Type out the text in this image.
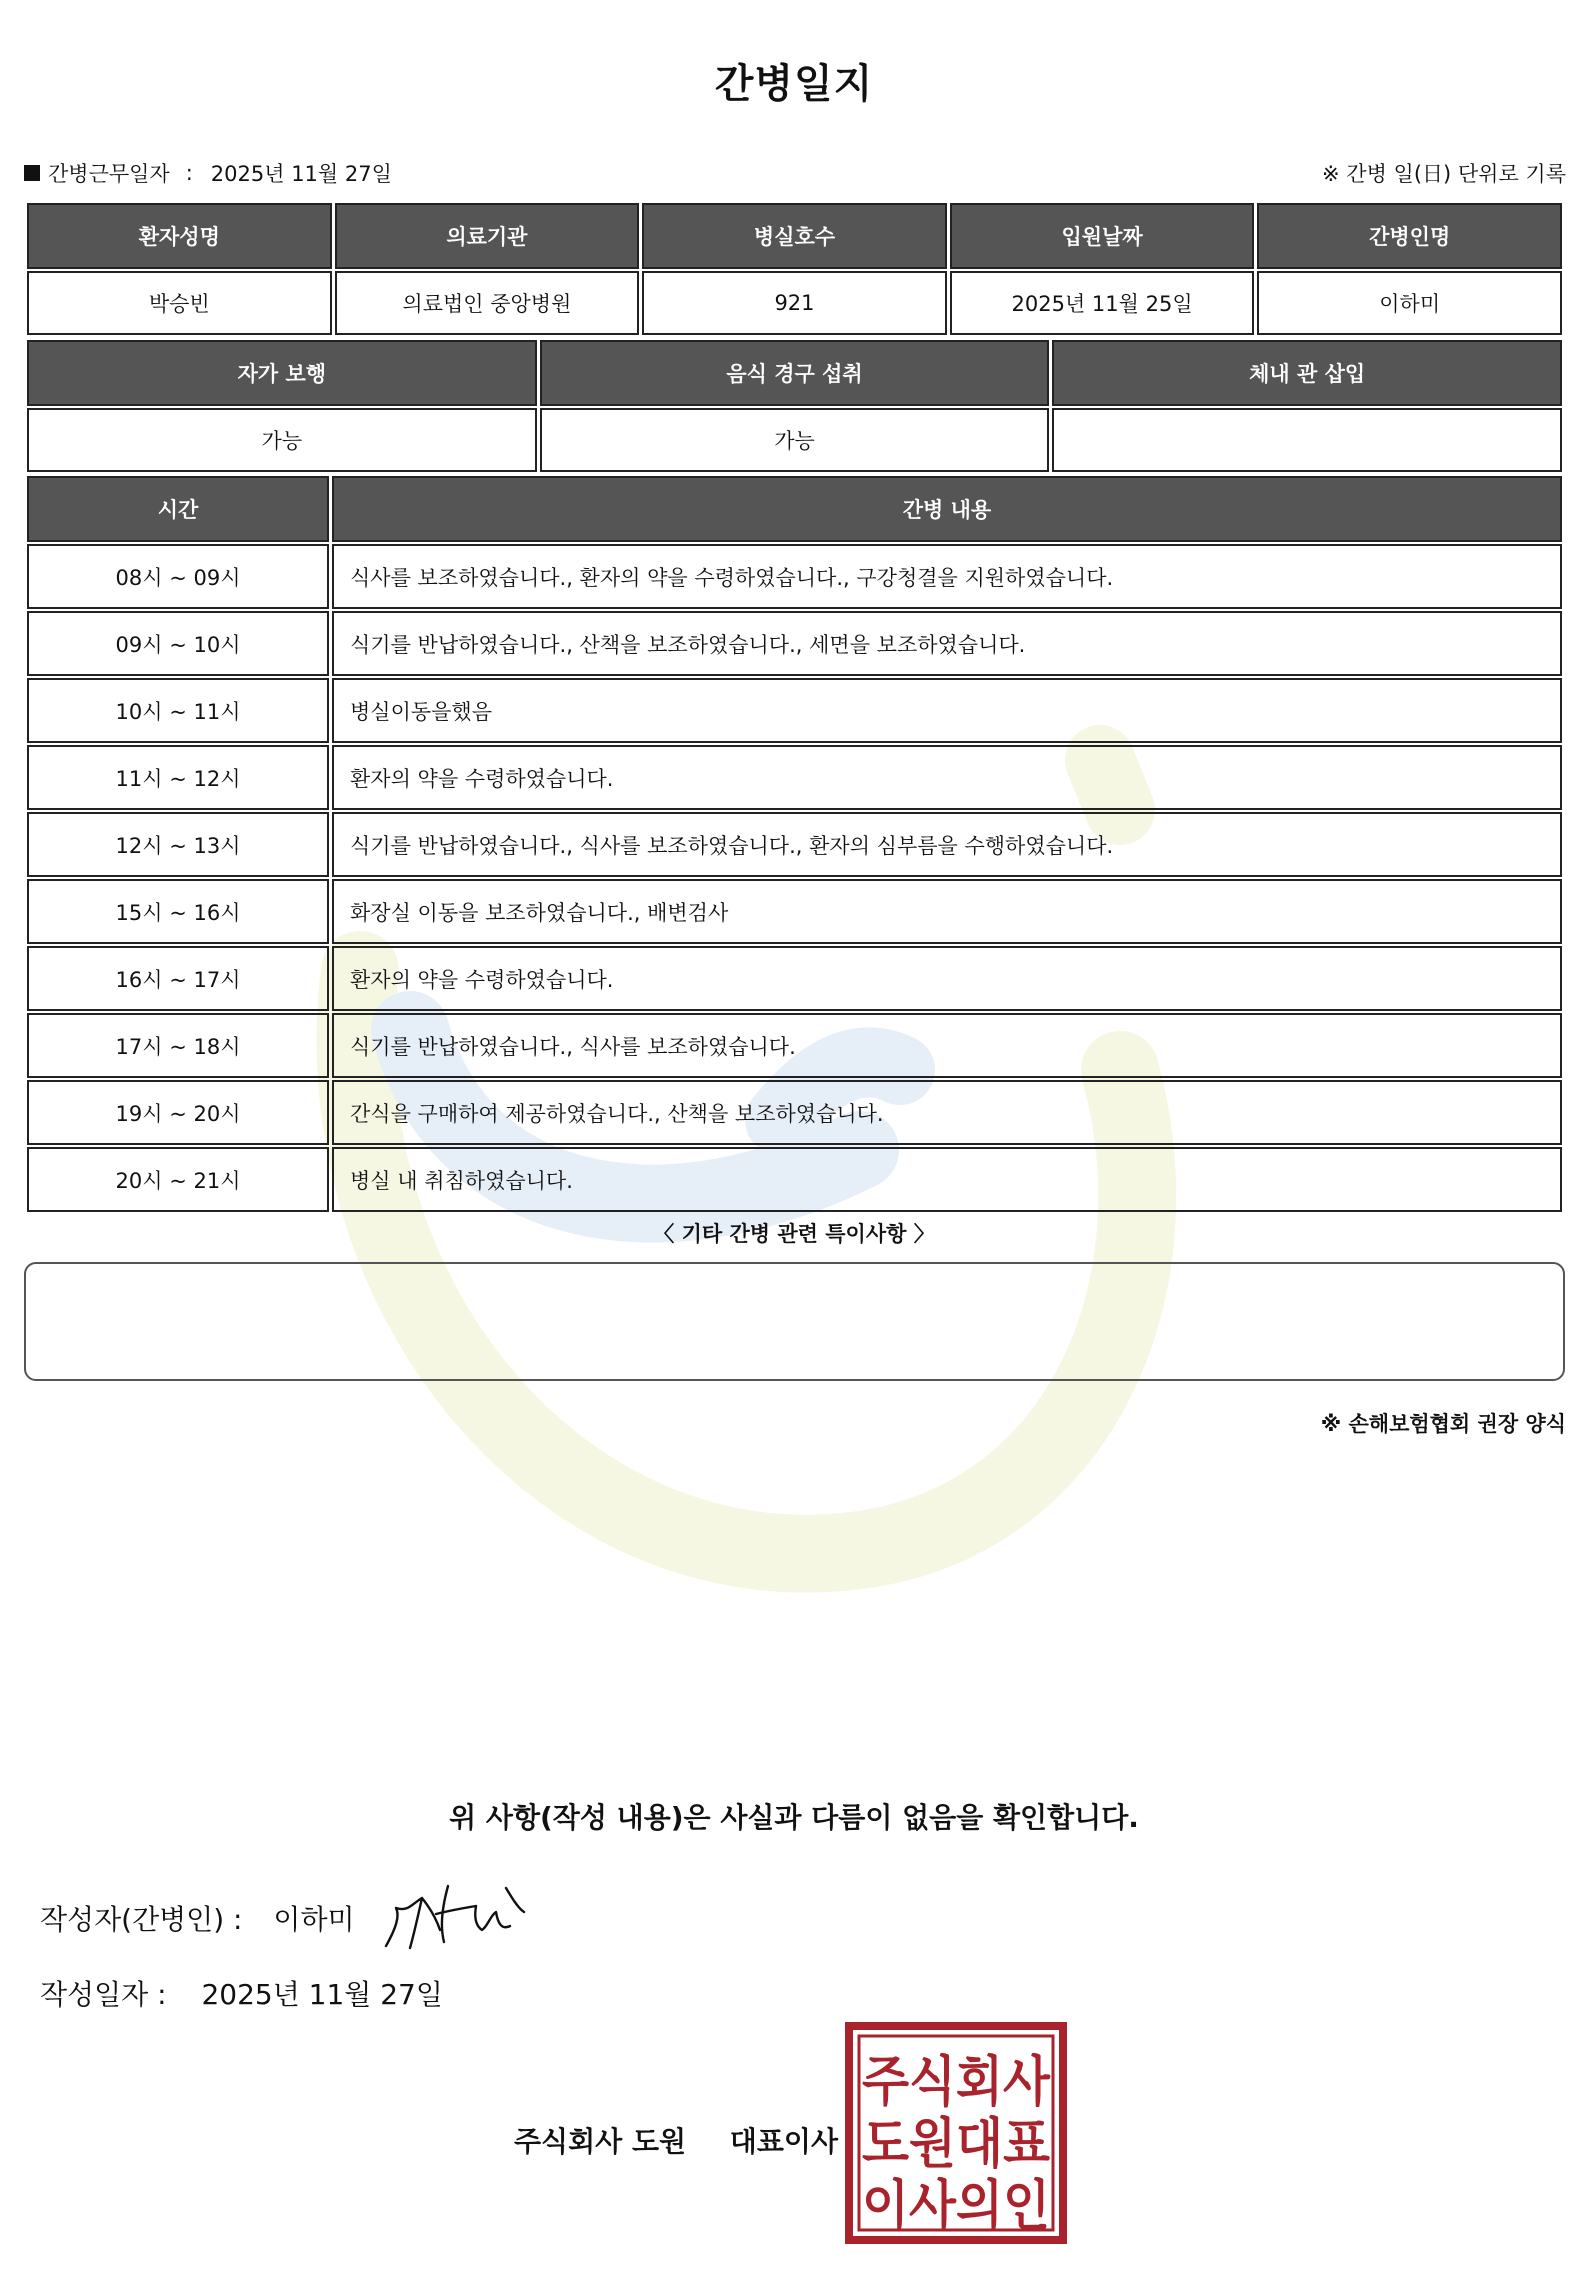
간병일지
간병근무일자 : 2025년 11월 27일	※ 간병 일(日) 단위로 기록
환자성명	의료기관	병실호수	입원날짜	간병인명
박승빈	의료법인 중앙병원	921	2025년 11월 25일	이하미
자가 보행	음식 경구 섭취	체내 관 삽입
가능	가능	
시간	간병 내용
08시 ~ 09시	식사를 보조하였습니다., 환자의 약을 수령하였습니다., 구강청결을 지원하였습니다.
09시 ~ 10시	식기를 반납하였습니다., 산책을 보조하였습니다., 세면을 보조하였습니다.
10시 ~ 11시	병실이동을했음
11시 ~ 12시	환자의 약을 수령하였습니다.
12시 ~ 13시	식기를 반납하였습니다., 식사를 보조하였습니다., 환자의 심부름을 수행하였습니다.
15시 ~ 16시	화장실 이동을 보조하였습니다., 배변검사
16시 ~ 17시	환자의 약을 수령하였습니다.
17시 ~ 18시	식기를 반납하였습니다., 식사를 보조하였습니다.
19시 ~ 20시	간식을 구매하여 제공하였습니다., 산책을 보조하였습니다.
20시 ~ 21시	병실 내 취침하였습니다.
〈 기타 간병 관련 특이사항 〉
※ 손해보험협회 권장 양식
위 사항(작성 내용)은 사실과 다름이 없음을 확인합니다.
작성자(간병인) : 이하미
작성일자 : 2025년 11월 27일
주식회사 도원 대표이사
주식회사
도원대표
이사의인
